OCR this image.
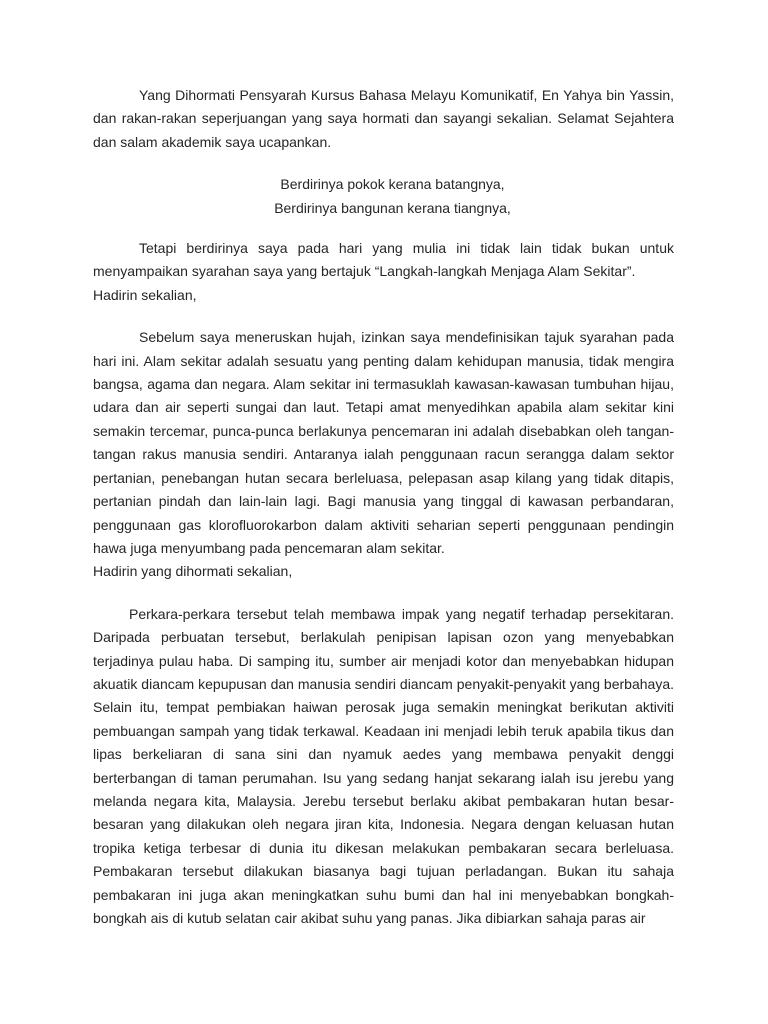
Yang Dihormati Pensyarah Kursus Bahasa Melayu Komunikatif, En Yahya bin Yassin, dan rakan-rakan seperjuangan yang saya hormati dan sayangi sekalian. Selamat Sejahtera dan salam akademik saya ucapankan.

Berdirinya pokok kerana batangnya,

Berdirinya bangunan kerana tiangnya,

Tetapi berdirinya saya pada hari yang mulia ini tidak lain tidak bukan untuk menyampaikan syarahan saya yang bertajuk “Langkah-langkah Menjaga Alam Sekitar”.

Hadirin sekalian,

Sebelum saya meneruskan hujah, izinkan saya mendefinisikan tajuk syarahan pada hari ini. Alam sekitar adalah sesuatu yang penting dalam kehidupan manusia, tidak mengira bangsa, agama dan negara. Alam sekitar ini termasuklah kawasan-kawasan tumbuhan hijau, udara dan air seperti sungai dan laut. Tetapi amat menyedihkan apabila alam sekitar kini semakin tercemar, punca-punca berlakunya pencemaran ini adalah disebabkan oleh tangan-tangan rakus manusia sendiri. Antaranya ialah penggunaan racun serangga dalam sektor pertanian, penebangan hutan secara berleluasa, pelepasan asap kilang yang tidak ditapis, pertanian pindah dan lain-lain lagi. Bagi manusia yang tinggal di kawasan perbandaran, penggunaan gas klorofluorokarbon dalam aktiviti seharian seperti penggunaan pendingin hawa juga menyumbang pada pencemaran alam sekitar.

Hadirin yang dihormati sekalian,

Perkara-perkara tersebut telah membawa impak yang negatif terhadap persekitaran. Daripada perbuatan tersebut, berlakulah penipisan lapisan ozon yang menyebabkan terjadinya pulau haba. Di samping itu, sumber air menjadi kotor dan menyebabkan hidupan akuatik diancam kepupusan dan manusia sendiri diancam penyakit-penyakit yang berbahaya. Selain itu, tempat pembiakan haiwan perosak juga semakin meningkat berikutan aktiviti pembuangan sampah yang tidak terkawal. Keadaan ini menjadi lebih teruk apabila tikus dan lipas berkeliaran di sana sini dan nyamuk aedes yang membawa penyakit denggi berterbangan di taman perumahan. Isu yang sedang hanjat sekarang ialah isu jerebu yang melanda negara kita, Malaysia. Jerebu tersebut berlaku akibat pembakaran hutan besar-besaran yang dilakukan oleh negara jiran kita, Indonesia. Negara dengan keluasan hutan tropika ketiga terbesar di dunia itu dikesan melakukan pembakaran secara berleluasa. Pembakaran tersebut dilakukan biasanya bagi tujuan perladangan. Bukan itu sahaja pembakaran ini juga akan meningkatkan suhu bumi dan hal ini menyebabkan bongkah-bongkah ais di kutub selatan cair akibat suhu yang panas. Jika dibiarkan sahaja paras air
